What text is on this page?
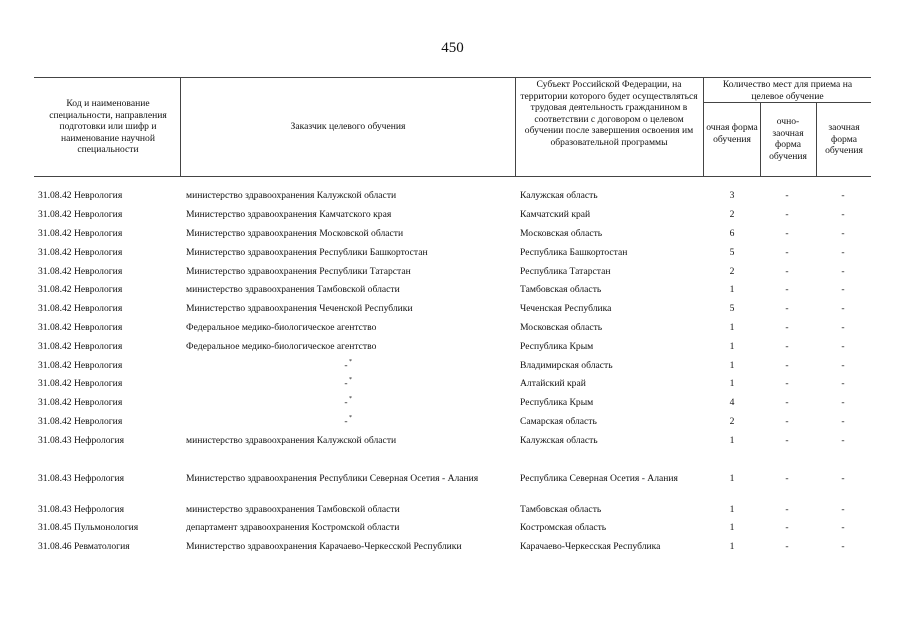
450
Код и наименование специальности, направления подготовки или шифр и наименование научной специальности
Заказчик целевого обучения
Субъект Российской Федерации, на территории которого будет осуществляться трудовая деятельность гражданином в соответствии с договором о целевом обучении после завершения освоения им образовательной программы
Количество мест для приема на целевое обучение
очная форма обучения
очно-заочная форма обучения
заочная форма обучения
31.08.42 Неврология	министерство здравоохранения Калужской области	Калужская область	3	-	-
31.08.42 Неврология	Министерство здравоохранения Камчатского края	Камчатский край	2	-	-
31.08.42 Неврология	Министерство здравоохранения Московской области	Московская область	6	-	-
31.08.42 Неврология	Министерство здравоохранения Республики Башкортостан	Республика Башкортостан	5	-	-
31.08.42 Неврология	Министерство здравоохранения Республики Татарстан	Республика Татарстан	2	-	-
31.08.42 Неврология	министерство здравоохранения Тамбовской области	Тамбовская область	1	-	-
31.08.42 Неврология	Министерство здравоохранения Чеченской Республики	Чеченская Республика	5	-	-
31.08.42 Неврология	Федеральное медико-биологическое агентство	Московская область	1	-	-
31.08.42 Неврология	Федеральное медико-биологическое агентство	Республика Крым	1	-	-
31.08.42 Неврология	- *	Владимирская область	1	-	-
31.08.42 Неврология	- *	Алтайский край	1	-	-
31.08.42 Неврология	- *	Республика Крым	4	-	-
31.08.42 Неврология	- *	Самарская область	2	-	-
31.08.43 Нефрология	министерство здравоохранения Калужской области	Калужская область	1	-	-
31.08.43 Нефрология	Министерство здравоохранения Республики Северная Осетия - Алания	Республика Северная Осетия - Алания	1	-	-
31.08.43 Нефрология	министерство здравоохранения Тамбовской области	Тамбовская область	1	-	-
31.08.45 Пульмонология	департамент здравоохранения Костромской области	Костромская область	1	-	-
31.08.46 Ревматология	Министерство здравоохранения Карачаево-Черкесской Республики	Карачаево-Черкесская Республика	1	-	-
